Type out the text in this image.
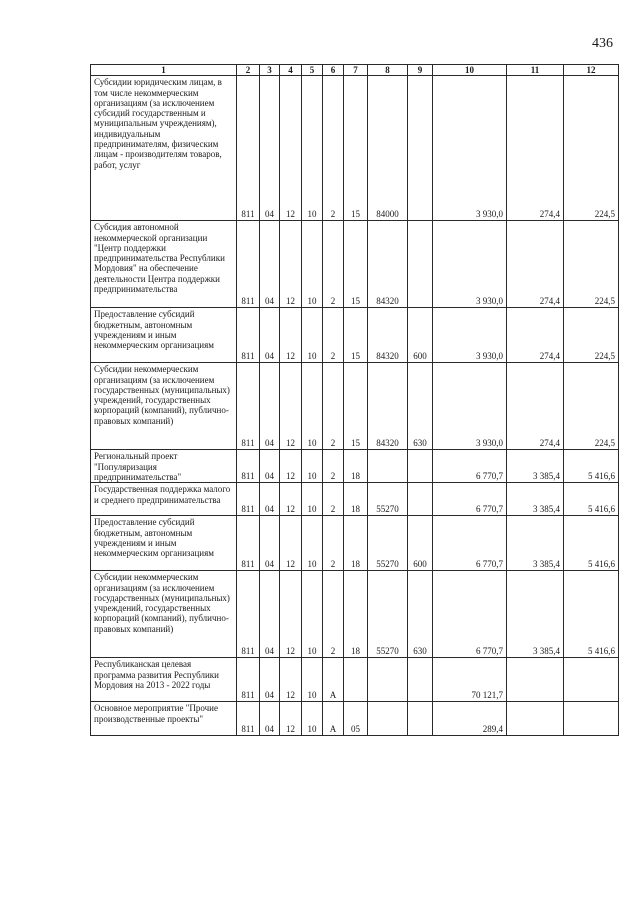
436
1	2	3	4	5	6	7	8	9	10	11	12
Субсидии юридическим лицам, в том числе некоммерческим организациям (за исключением субсидий государственным и муниципальным учреждениям), индивидуальным предпринимателям, физическим лицам - производителям товаров, работ, услуг	811	04	12	10	2	15	84000		3 930,0	274,4	224,5
Субсидия автономной некоммерческой организации "Центр поддержки предпринимательства Республики Мордовия" на обеспечение деятельности Центра поддержки предпринимательства	811	04	12	10	2	15	84320		3 930,0	274,4	224,5
Предоставление субсидий бюджетным, автономным учреждениям и иным некоммерческим организациям	811	04	12	10	2	15	84320	600	3 930,0	274,4	224,5
Субсидии некоммерческим организациям (за исключением государственных (муниципальных) учреждений, государственных корпораций (компаний), публично-правовых компаний)	811	04	12	10	2	15	84320	630	3 930,0	274,4	224,5
Региональный проект "Популяризация предпринимательства"	811	04	12	10	2	18			6 770,7	3 385,4	5 416,6
Государственная поддержка малого и среднего предпринимательства	811	04	12	10	2	18	55270		6 770,7	3 385,4	5 416,6
Предоставление субсидий бюджетным, автономным учреждениям и иным некоммерческим организациям	811	04	12	10	2	18	55270	600	6 770,7	3 385,4	5 416,6
Субсидии некоммерческим организациям (за исключением государственных (муниципальных) учреждений, государственных корпораций (компаний), публично-правовых компаний)	811	04	12	10	2	18	55270	630	6 770,7	3 385,4	5 416,6
Республиканская целевая программа развития Республики Мордовия на 2013 - 2022 годы	811	04	12	10	А				70 121,7		
Основное мероприятие "Прочие производственные проекты"	811	04	12	10	А	05			289,4		
